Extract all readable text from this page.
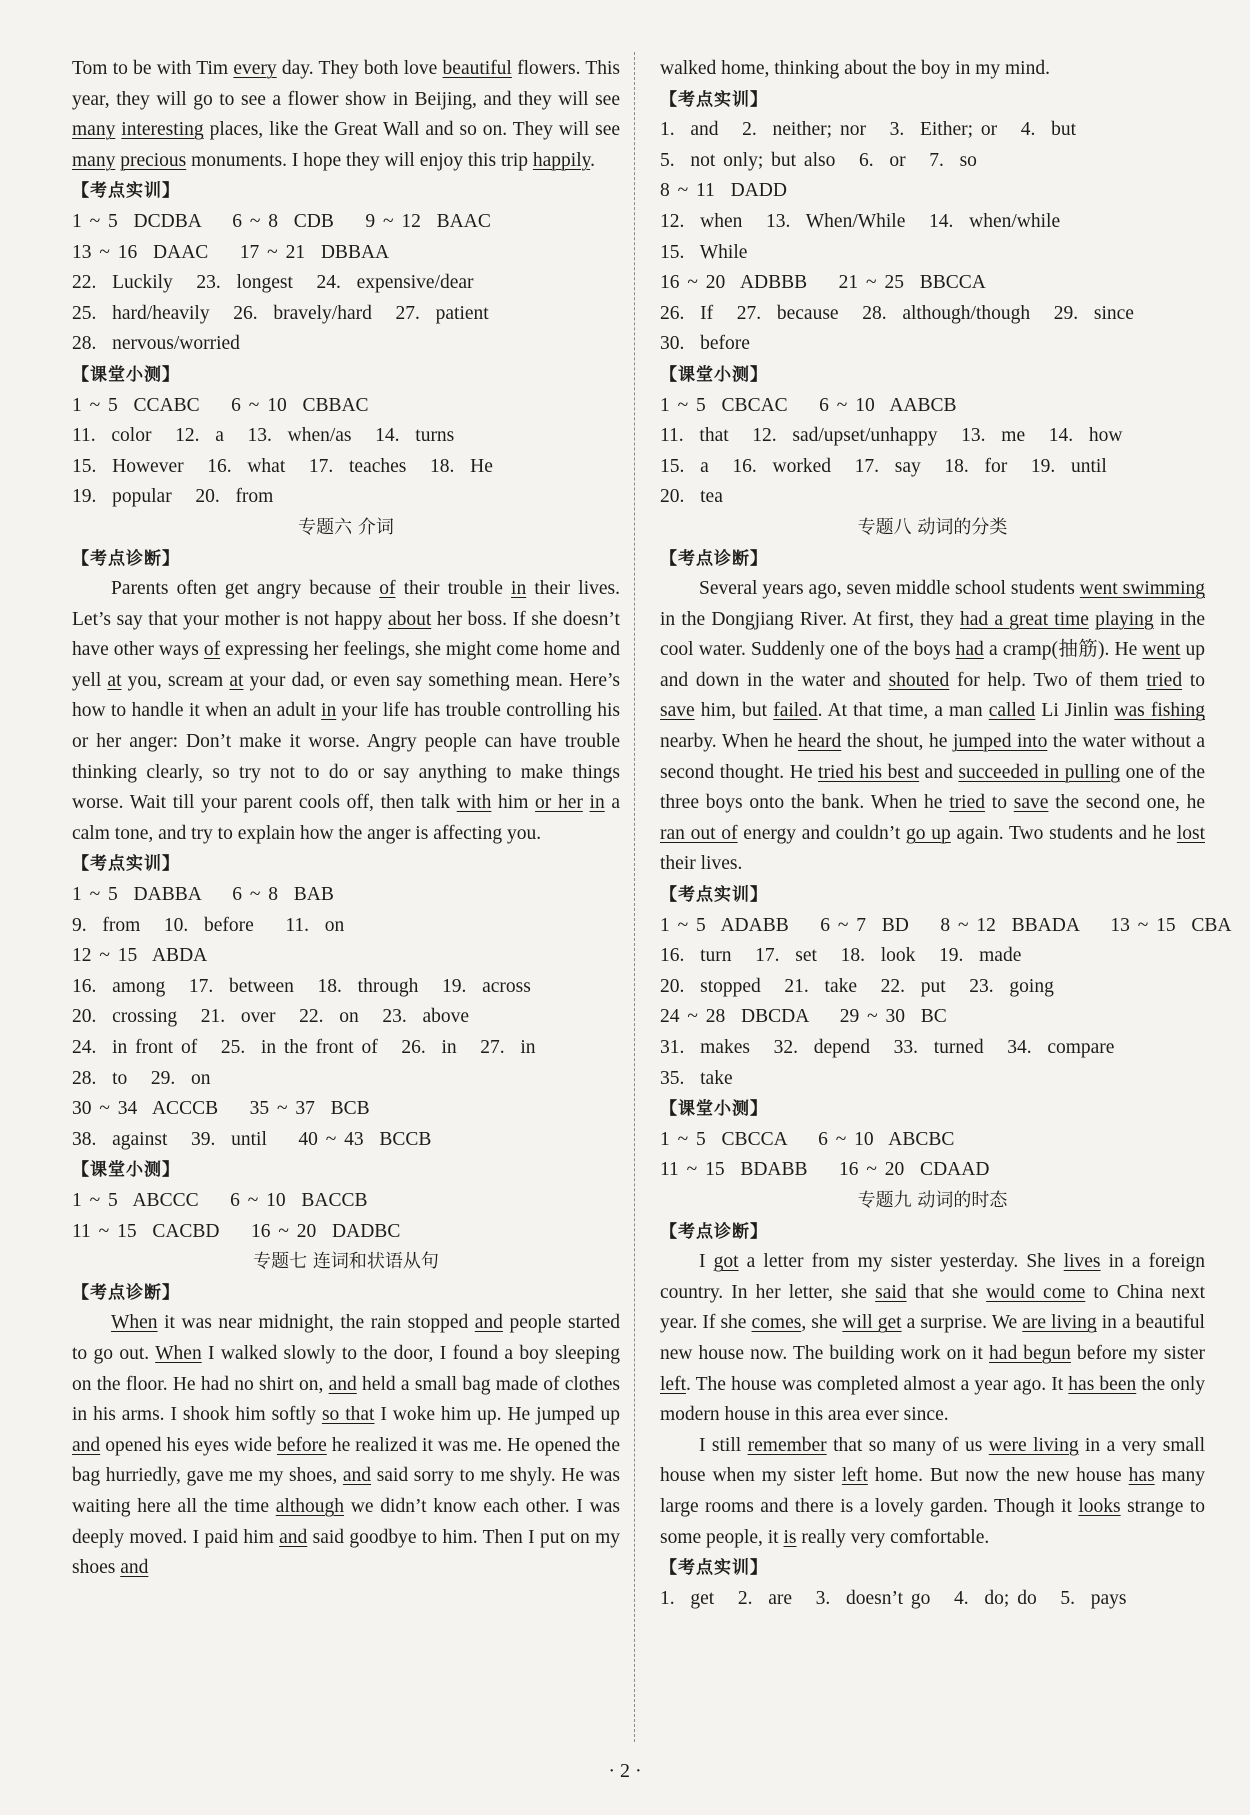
Tom to be with Tim every day. They both love beautiful flowers. This year, they will go to see a flower show in Beijing, and they will see many interesting places, like the Great Wall and so on. They will see many precious monuments. I hope they will enjoy this trip happily.

【考点实训】

1 ~ 5  DCDBA    6 ~ 8  CDB    9 ~ 12  BAAC
13 ~ 16  DAAC    17 ~ 21  DBBAA
22.  Luckily   23.  longest   24.  expensive/dear
25.  hard/heavily   26.  bravely/hard   27.  patient
28.  nervous/worried

【课堂小测】

1 ~ 5  CCABC    6 ~ 10  CBBAC
11.  color   12.  a   13.  when/as   14.  turns
15.  However   16.  what   17.  teaches   18.  He
19.  popular   20.  from

专题六 介词

【考点诊断】

Parents often get angry because of their trouble in their lives. Let’s say that your mother is not happy about her boss. If she doesn’t have other ways of expressing her feelings, she might come home and yell at you, scream at your dad, or even say something mean. Here’s how to handle it when an adult in your life has trouble controlling his or her anger: Don’t make it worse. Angry people can have trouble thinking clearly, so try not to do or say anything to make things worse. Wait till your parent cools off, then talk with him or her in a calm tone, and try to explain how the anger is affecting you.

【考点实训】

1 ~ 5  DABBA    6 ~ 8  BAB
9.  from   10.  before    11.  on
12 ~ 15  ABDA
16.  among   17.  between   18.  through   19.  across
20.  crossing   21.  over   22.  on   23.  above
24.  in front of   25.  in the front of   26.  in   27.  in
28.  to   29.  on
30 ~ 34  ACCCB    35 ~ 37  BCB
38.  against   39.  until    40 ~ 43  BCCB

【课堂小测】

1 ~ 5  ABCCC    6 ~ 10  BACCB
11 ~ 15  CACBD    16 ~ 20  DADBC

专题七 连词和状语从句

【考点诊断】

When it was near midnight, the rain stopped and people started to go out. When I walked slowly to the door, I found a boy sleeping on the floor. He had no shirt on, and held a small bag made of clothes in his arms. I shook him softly so that I woke him up. He jumped up and opened his eyes wide before he realized it was me. He opened the bag hurriedly, gave me my shoes, and said sorry to me shyly. He was waiting here all the time although we didn’t know each other. I was deeply moved. I paid him and said goodbye to him. Then I put on my shoes and

walked home, thinking about the boy in my mind.

【考点实训】

1.  and   2.  neither; nor   3.  Either; or   4.  but
5.  not only; but also   6.  or   7.  so
8 ~ 11  DADD
12.  when   13.  When/While   14.  when/while
15.  While
16 ~ 20  ADBBB    21 ~ 25  BBCCA
26.  If   27.  because   28.  although/though   29.  since
30.  before

【课堂小测】

1 ~ 5  CBCAC    6 ~ 10  AABCB
11.  that   12.  sad/upset/unhappy   13.  me   14.  how
15.  a   16.  worked   17.  say   18.  for   19.  until
20.  tea

专题八 动词的分类

【考点诊断】

Several years ago, seven middle school students went swimming in the Dongjiang River. At first, they had a great time playing in the cool water. Suddenly one of the boys had a cramp(抽筋). He went up and down in the water and shouted for help. Two of them tried to save him, but failed. At that time, a man called Li Jinlin was fishing nearby. When he heard the shout, he jumped into the water without a second thought. He tried his best and succeeded in pulling one of the three boys onto the bank. When he tried to save the second one, he ran out of energy and couldn’t go up again. Two students and he lost their lives.

【考点实训】

1 ~ 5  ADABB    6 ~ 7  BD    8 ~ 12  BBADA    13 ~ 15  CBA
16.  turn   17.  set   18.  look   19.  made
20.  stopped   21.  take   22.  put   23.  going
24 ~ 28  DBCDA    29 ~ 30  BC
31.  makes   32.  depend   33.  turned   34.  compare
35.  take

【课堂小测】

1 ~ 5  CBCCA    6 ~ 10  ABCBC
11 ~ 15  BDABB    16 ~ 20  CDAAD

专题九 动词的时态

【考点诊断】

I got a letter from my sister yesterday. She lives in a foreign country. In her letter, she said that she would come to China next year. If she comes, she will get a surprise. We are living in a beautiful new house now. The building work on it had begun before my sister left. The house was completed almost a year ago. It has been the only modern house in this area ever since.

I still remember that so many of us were living in a very small house when my sister left home. But now the new house has many large rooms and there is a lovely garden. Though it looks strange to some people, it is really very comfortable.

【考点实训】

1.  get   2.  are   3.  doesn’t go   4.  do; do   5.  pays
· 2 ·
